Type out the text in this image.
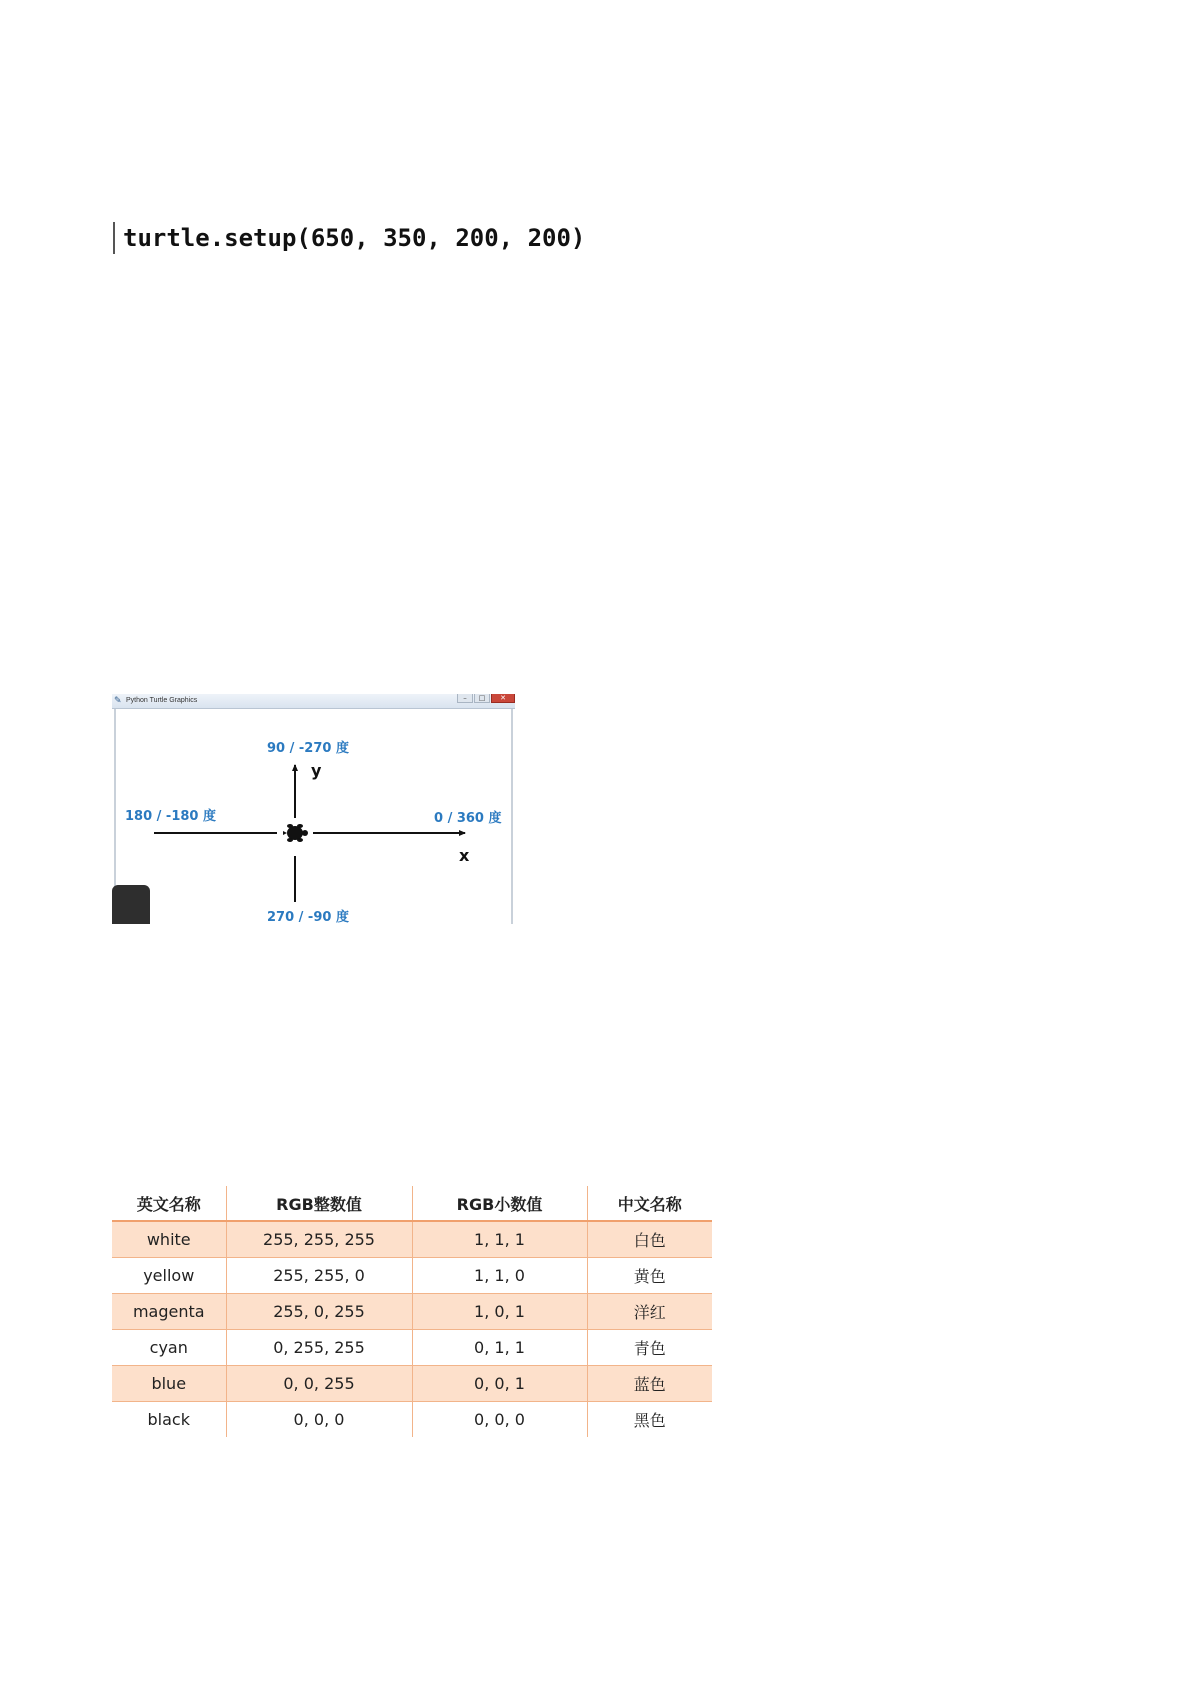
turtle.setup(650, 350, 200, 200)
✎ Python Turtle Graphics	–	□	✕
90 / -270 度
y
180 / -180 度	0 / 360 度
x
270 / -90 度
英文名称	RGB整数值	RGB小数值	中文名称
white	255, 255, 255	1, 1, 1	白色
yellow	255, 255, 0	1, 1, 0	黄色
magenta	255, 0, 255	1, 0, 1	洋红
cyan	0, 255, 255	0, 1, 1	青色
blue	0, 0, 255	0, 0, 1	蓝色
black	0, 0, 0	0, 0, 0	黑色
